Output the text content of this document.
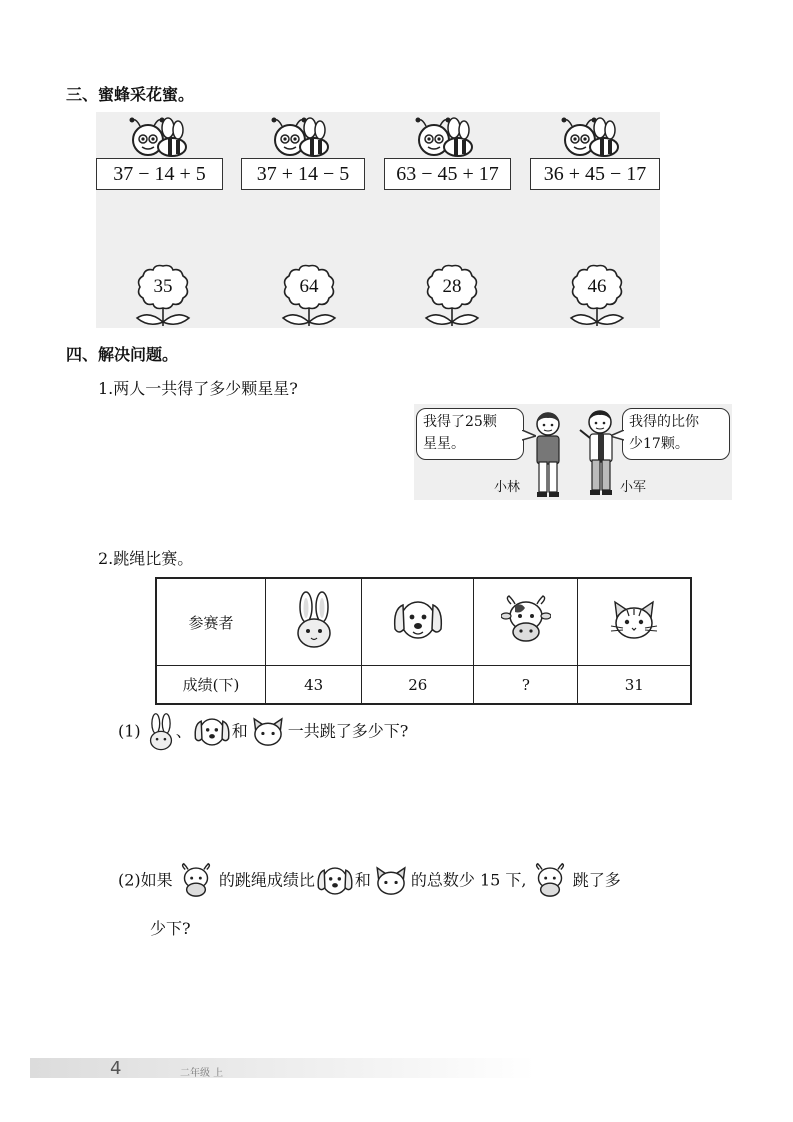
三、蜜蜂采花蜜。
37 − 14 + 5	37 + 14 − 5	63 − 45 + 17	36 + 45 − 17
35	64	28	46
四、解决问题。
1.两人一共得了多少颗星星?
我得了25颗
星星。
我得的比你
少17颗。
小林	小军
2.跳绳比赛。
参赛者				
成绩(下)	43	26	?	31
(1) 、	和	一共跳了多少下?
(2)如果	的跳绳成绩比	和	的总数少 15 下,	跳了多
少下?
4	二年级 上
